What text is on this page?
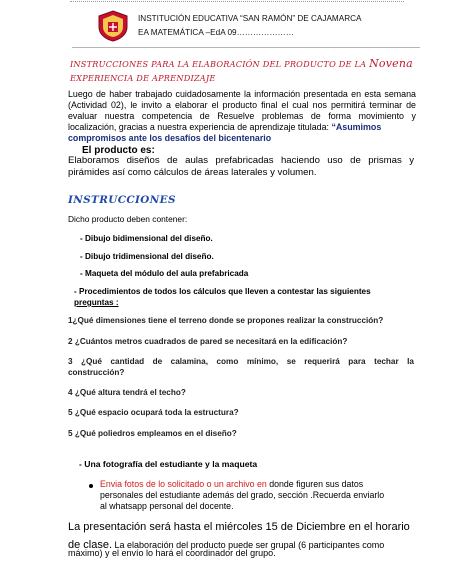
INSTITUCIÓN EDUCATIVA “SAN RAMÓN” DE CAJAMARCA
EA MATEMÁTICA –EdA 09…………………
INSTRUCCIONES PARA LA ELABORACIÓN DEL PRODUCTO DE LA Novena
EXPERIENCIA DE APRENDIZAJE
Luego de haber trabajado cuidadosamente la información presentada en esta semana
(Actividad 02), le invito a elaborar el producto final el cual nos permitirá terminar de
evaluar nuestra competencia de Resuelve problemas de forma movimiento y
localización, gracias a nuestra experiencia de aprendizaje titulada: “Asumimos
compromisos ante los desafíos del bicentenario
El producto es:
Elaboramos diseños de aulas prefabricadas haciendo uso de prismas y
pirámides así como cálculos de áreas laterales y volumen.
INSTRUCCIONES
Dicho producto deben contener:
- Dibujo bidimensional del diseño.
- Dibujo tridimensional del diseño.
- Maqueta del módulo del aula prefabricada
- Procedimientos de todos los cálculos que lleven a contestar las siguientes
preguntas :
1¿Qué dimensiones tiene el terreno donde se propones realizar la construcción?
2 ¿Cuántos metros cuadrados de pared se necesitará en la edificación?
3 ¿Qué cantidad de calamina, como mínimo, se requerirá para techar la
construcción?
4 ¿Qué altura tendrá el techo?
5 ¿Qué espacio ocupará toda la estructura?
5 ¿Qué poliedros empleamos en el diseño?
- Una fotografía del estudiante y la maqueta
Envia fotos de lo solicitado o un archivo en donde figuren sus datos
personales del estudiante además del grado, sección .Recuerda enviarlo
al whatsapp personal del docente.
La presentación será hasta el miércoles 15 de Diciembre en el horario
de clase. La elaboración del producto puede ser grupal (6 participantes como
máximo) y el envío lo hará el coordinador del grupo.
